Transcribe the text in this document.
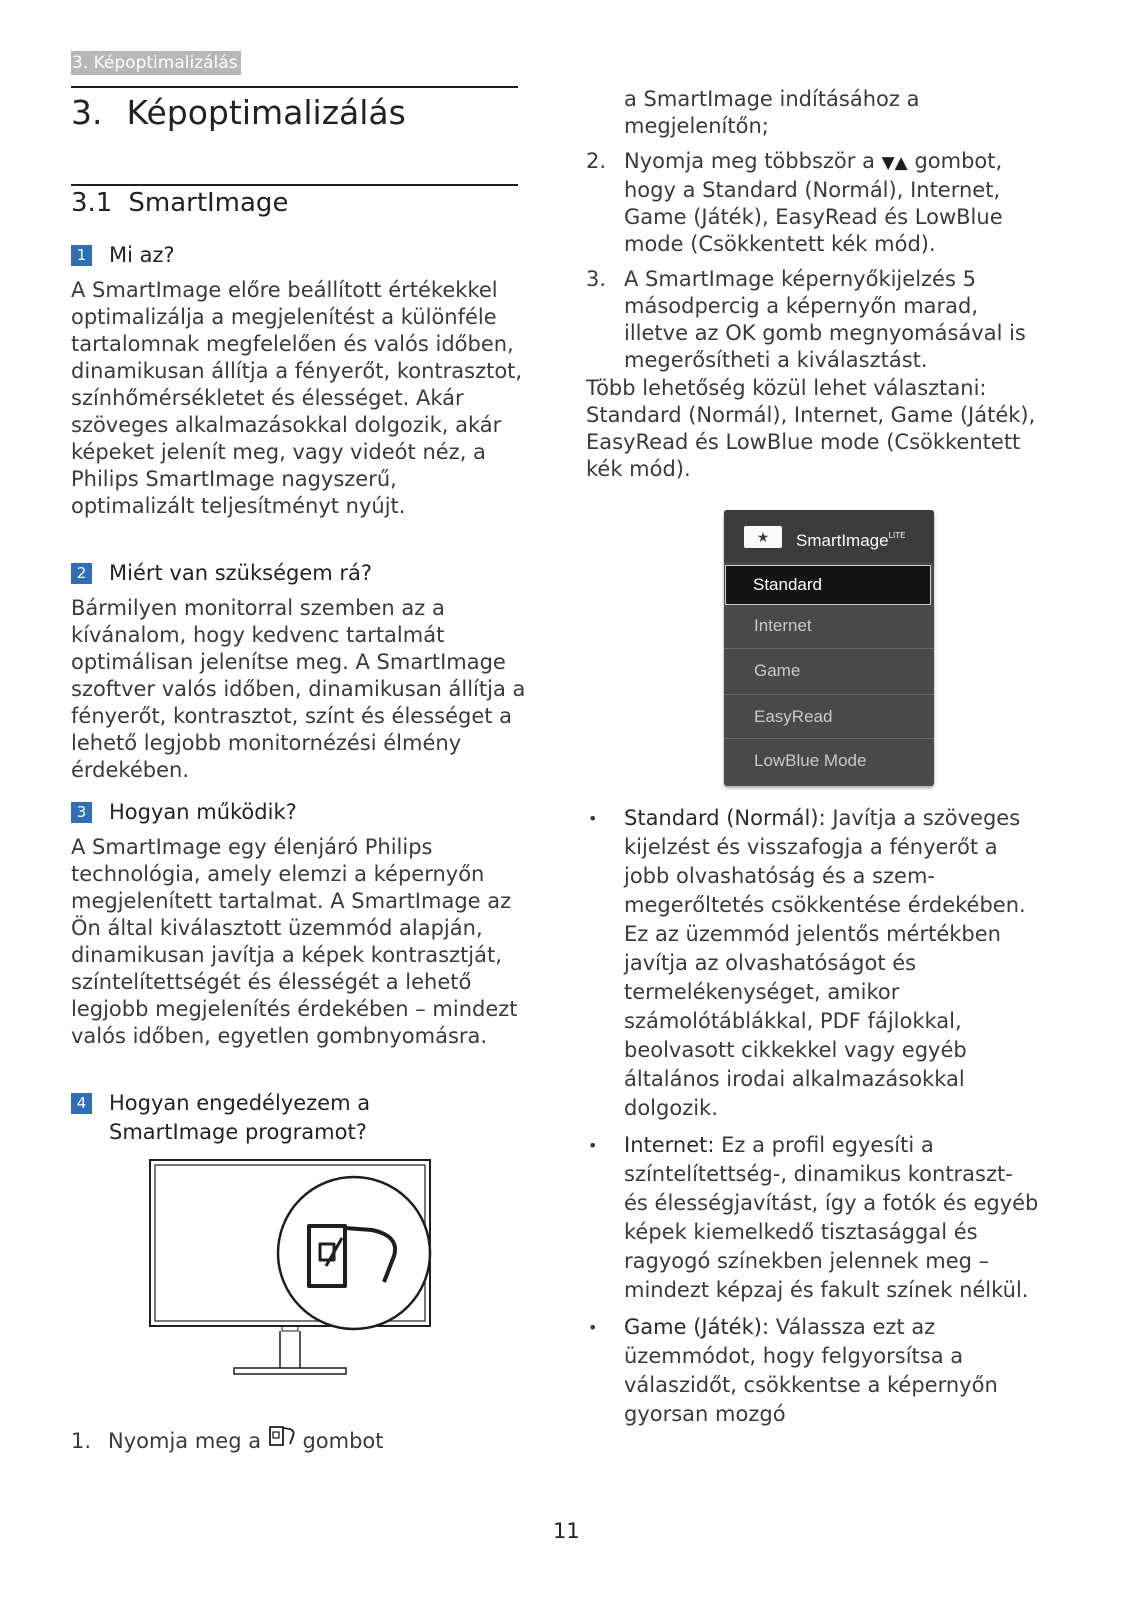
3. Képoptimalizálás
3. Képoptimalizálás
3.1 SmartImage
1 Mi az?

A SmartImage előre beállított értékekkel optimalizálja a megjelenítést a különféle tartalomnak megfelelően és valós időben, dinamikusan állítja a fényerőt, kontrasztot, színhőmérsékletet és élességet. Akár szöveges alkalmazásokkal dolgozik, akár képeket jelenít meg, vagy videót néz, a Philips SmartImage nagyszerű, optimalizált teljesítményt nyújt.

2 Miért van szükségem rá?

Bármilyen monitorral szemben az a kívánalom, hogy kedvenc tartalmát optimálisan jelenítse meg. A SmartImage szoftver valós időben, dinamikusan állítja a fényerőt, kontrasztot, színt és élességet a lehető legjobb monitornézési élmény érdekében.

3 Hogyan működik?

A SmartImage egy élenjáró Philips technológia, amely elemzi a képernyőn megjelenített tartalmat. A SmartImage az Ön által kiválasztott üzemmód alapján, dinamikusan javítja a képek kontrasztját, színtelítettségét és élességét a lehető legjobb megjelenítés érdekében – mindezt valós időben, egyetlen gombnyomásra.

4	Hogyan engedélyezem a SmartImage programot?
1. Nyomja meg a gombot

a SmartImage indításához a megjelenítőn;

2. Nyomja meg többször a ▼▲ gombot, hogy a Standard (Normál), Internet, Game (Játék), EasyRead és LowBlue mode (Csökkentett kék mód).
3. A SmartImage képernyőkijelzés 5 másodpercig a képernyőn marad, illetve az OK gomb megnyomásával is megerősítheti a kiválasztást.

Több lehetőség közül lehet választani: Standard (Normál), Internet, Game (Játék), EasyRead és LowBlue mode (Csökkentett kék mód).

★	SmartImage$^{LITE}$
Standard
Internet
Game
EasyRead
LowBlue Mode
• Standard (Normál): Javítja a szöveges kijelzést és visszafogja a fényerőt a jobb olvashatóság és a szem-megerőltetés csökkentése érdekében. Ez az üzemmód jelentős mértékben javítja az olvashatóságot és termelékenységet, amikor számolótáblákkal, PDF fájlokkal, beolvasott cikkekkel vagy egyéb általános irodai alkalmazásokkal dolgozik.
• Internet: Ez a profil egyesíti a színtelítettség-, dinamikus kontraszt- és élességjavítást, így a fotók és egyéb képek kiemelkedő tisztasággal és ragyogó színekben jelennek meg – mindezt képzaj és fakult színek nélkül.
• Game (Játék): Válassza ezt az üzemmódot, hogy felgyorsítsa a válaszidőt, csökkentse a képernyőn gyorsan mozgó
11
